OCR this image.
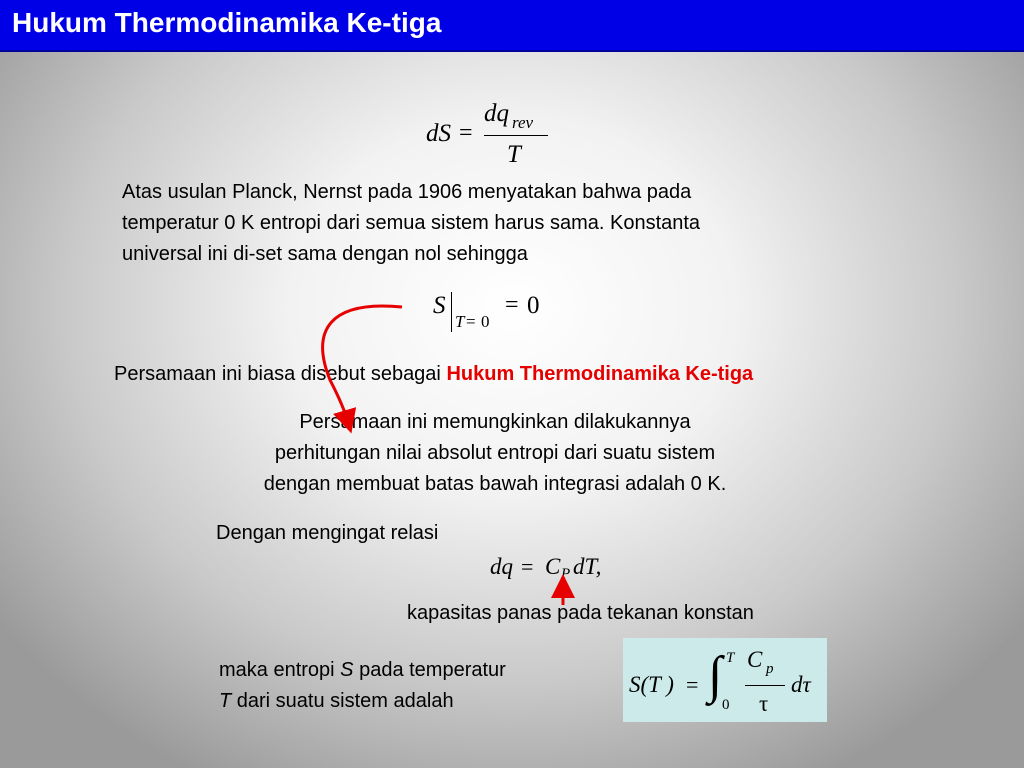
Hukum Thermodinamika Ke-tiga
dS =
dq rev
T
Atas usulan Planck, Nernst pada 1906 menyatakan bahwa pada
temperatur 0 K entropi dari semua sistem harus sama. Konstanta
universal ini di-set sama dengan nol sehingga
S
T = 0
= 0
Persamaan ini biasa disebut sebagai Hukum Thermodinamika Ke-tiga
Persamaan ini memungkinkan dilakukannya
perhitungan nilai absolut entropi dari suatu sistem
dengan membuat batas bawah integrasi adalah 0 K.
Dengan mengingat relasi
dq = C P dT,
kapasitas panas pada tekanan konstan
maka entropi S pada temperatur
T dari suatu sistem adalah
S(T ) = ∫ T
0
C p
τ
dτ
